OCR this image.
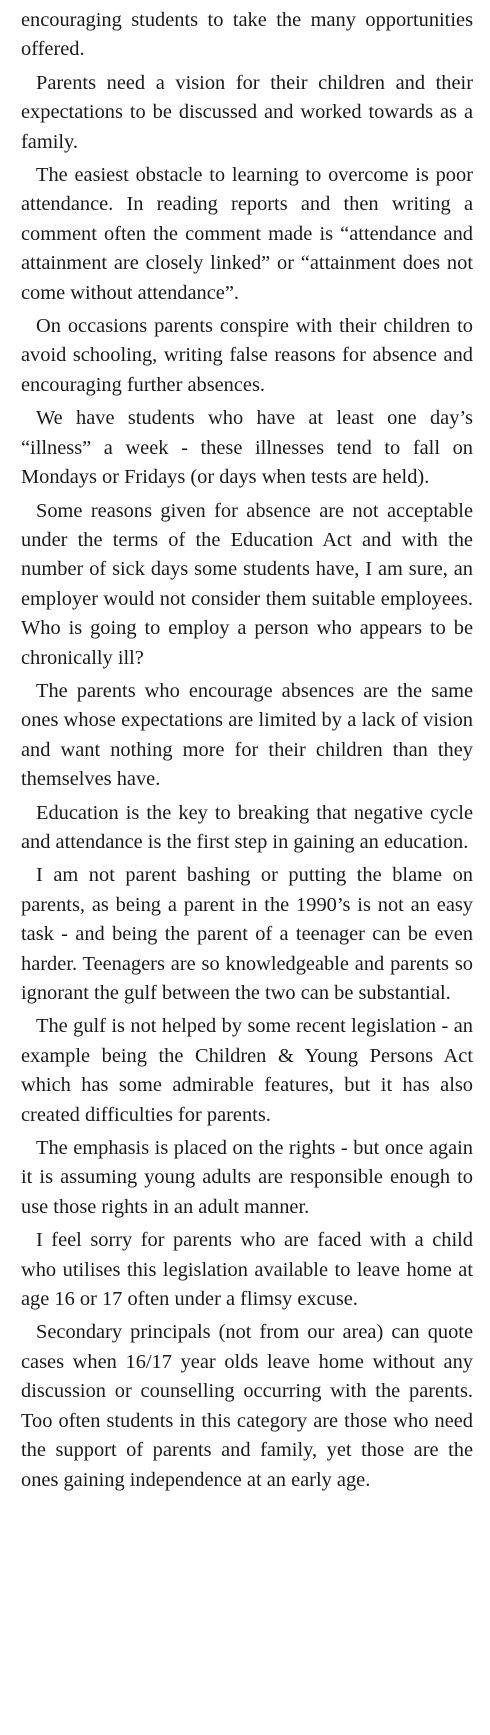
encouraging students to take the many opportunities offered.

Parents need a vision for their children and their expectations to be discussed and worked towards as a family.

The easiest obstacle to learning to overcome is poor attendance. In reading reports and then writing a comment often the comment made is “attendance and attainment are closely linked” or “attainment does not come without attendance”.

On occasions parents conspire with their children to avoid schooling, writing false reasons for absence and encouraging further absences.

We have students who have at least one day’s “illness” a week - these illnesses tend to fall on Mondays or Fridays (or days when tests are held).

Some reasons given for absence are not acceptable under the terms of the Education Act and with the number of sick days some students have, I am sure, an employer would not consider them suitable employees. Who is going to employ a person who appears to be chronically ill?

The parents who encourage absences are the same ones whose expectations are limited by a lack of vision and want nothing more for their children than they themselves have.

Education is the key to breaking that negative cycle and attendance is the first step in gaining an education.

I am not parent bashing or putting the blame on parents, as being a parent in the 1990’s is not an easy task - and being the parent of a teenager can be even harder. Teenagers are so knowledgeable and parents so ignorant the gulf between the two can be substantial.

The gulf is not helped by some recent legislation - an example being the Children & Young Persons Act which has some admirable features, but it has also created difficulties for parents.

The emphasis is placed on the rights - but once again it is assuming young adults are responsible enough to use those rights in an adult manner.

I feel sorry for parents who are faced with a child who utilises this legislation available to leave home at age 16 or 17 often under a flimsy excuse.

Secondary principals (not from our area) can quote cases when 16/17 year olds leave home without any discussion or counselling occurring with the parents. Too often students in this category are those who need the support of parents and family, yet those are the ones gaining independence at an early age.
